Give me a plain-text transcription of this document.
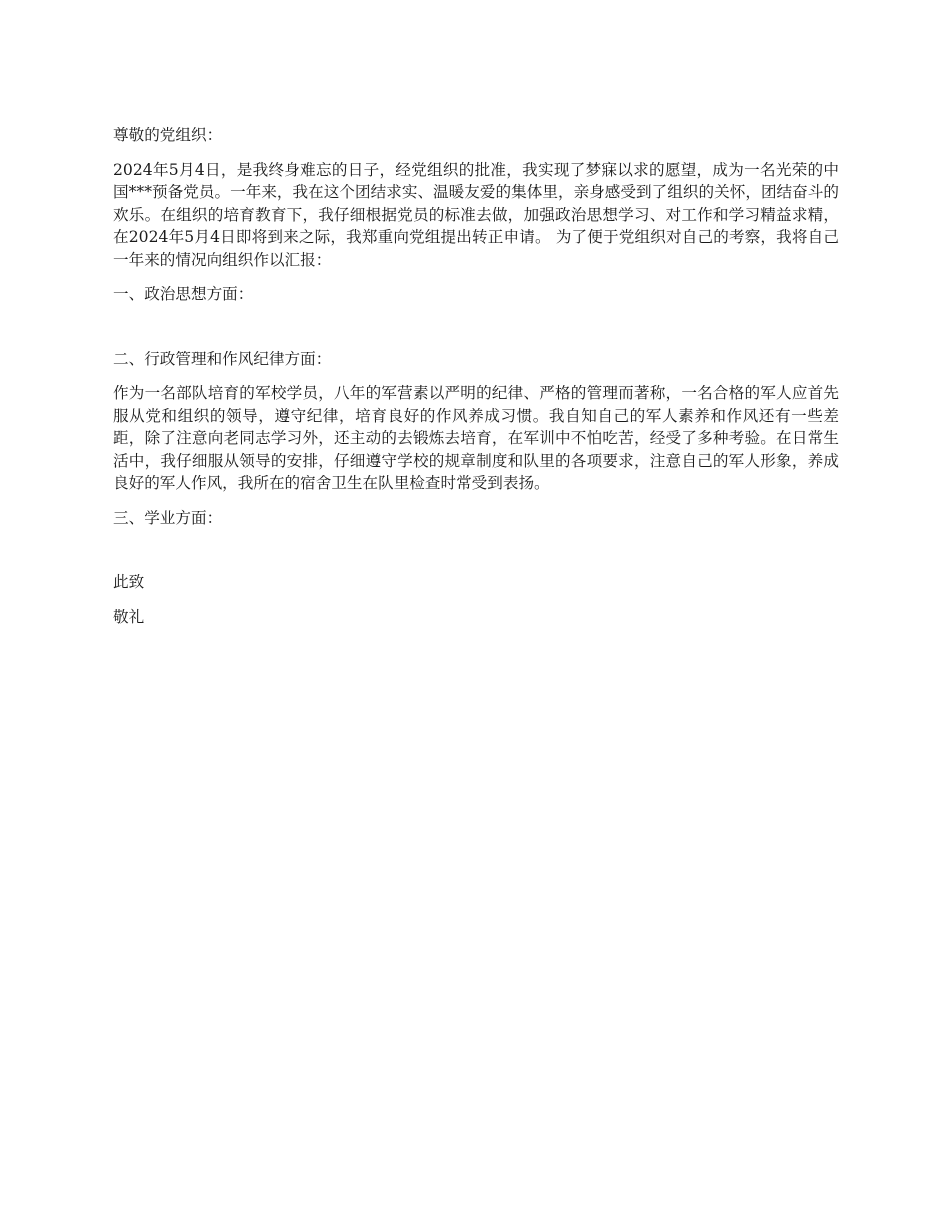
尊敬的党组织：

2024年5月4日，是我终身难忘的日子，经党组织的批准，我实现了梦寐以求的愿望，成为一名光荣的中国***预备党员。一年来，我在这个团结求实、温暖友爱的集体里，亲身感受到了组织的关怀，团结奋斗的欢乐。在组织的培育教育下，我仔细根据党员的标准去做，加强政治思想学习、对工作和学习精益求精，在2024年5月4日即将到来之际，我郑重向党组提出转正申请。 为了便于党组织对自己的考察，我将自己一年来的情况向组织作以汇报：

一、政治思想方面：

二、行政管理和作风纪律方面：

作为一名部队培育的军校学员，八年的军营素以严明的纪律、严格的管理而著称，一名合格的军人应首先服从党和组织的领导，遵守纪律，培育良好的作风养成习惯。我自知自己的军人素养和作风还有一些差距，除了注意向老同志学习外，还主动的去锻炼去培育，在军训中不怕吃苦，经受了多种考验。在日常生活中，我仔细服从领导的安排，仔细遵守学校的规章制度和队里的各项要求，注意自己的军人形象，养成良好的军人作风，我所在的宿舍卫生在队里检查时常受到表扬。

三、学业方面：

此致

敬礼
